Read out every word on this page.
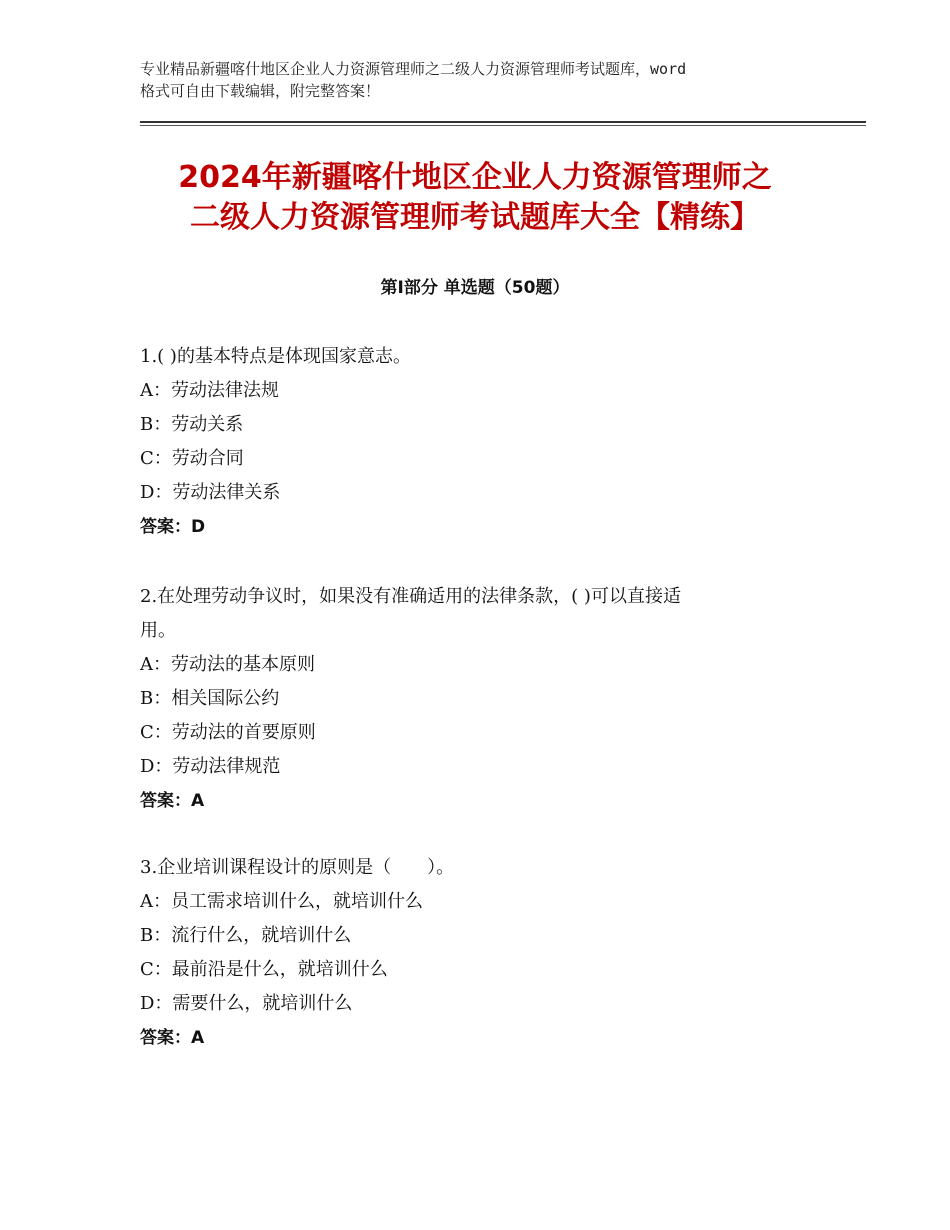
专业精品新疆喀什地区企业人力资源管理师之二级人力资源管理师考试题库，word
格式可自由下载编辑，附完整答案！
2024年新疆喀什地区企业人力资源管理师之
二级人力资源管理师考试题库大全【精练】
第Ⅰ部分 单选题（50题）
1.( )的基本特点是体现国家意志。
A：劳动法律法规
B：劳动关系
C：劳动合同
D：劳动法律关系
答案：D
2.在处理劳动争议时，如果没有准确适用的法律条款，( )可以直接适
用。
A：劳动法的基本原则
B：相关国际公约
C：劳动法的首要原则
D：劳动法律规范
答案：A
3.企业培训课程设计的原则是（　　）。
A：员工需求培训什么，就培训什么
B：流行什么，就培训什么
C：最前沿是什么，就培训什么
D：需要什么，就培训什么
答案：A
